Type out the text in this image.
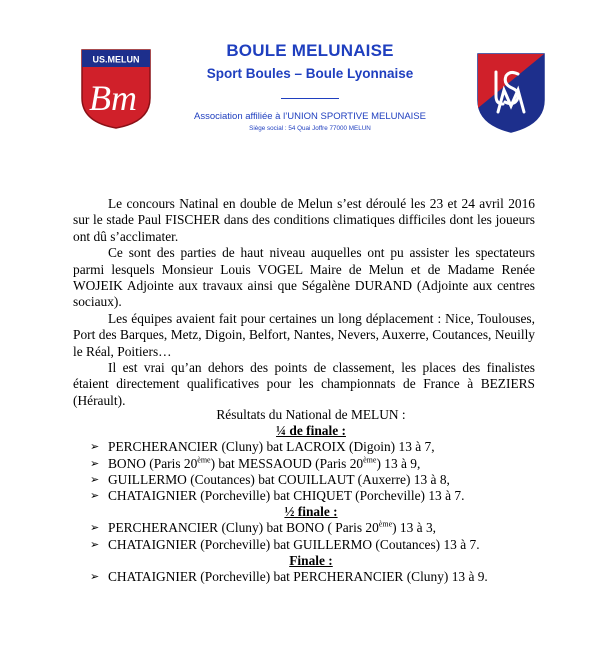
US.MELUN
Bm
BOULE MELUNAISE
Sport Boules – Boule Lyonnaise
Association affiliée à l’UNION SPORTIVE MELUNAISE
Siège social : 54 Quai Joffre 77000 MELUN

Le concours Natinal en double de Melun s’est déroulé les 23 et 24 avril 2016 sur le stade Paul FISCHER dans des conditions climatiques difficiles dont les joueurs ont dû s’acclimater.

Ce sont des parties de haut niveau auquelles ont pu assister les spectateurs parmi lesquels Monsieur Louis VOGEL Maire de Melun et de Madame Renée WOJEIK Adjointe aux travaux ainsi que Ségalène DURAND (Adjointe aux centres sociaux).

Les équipes avaient fait pour certaines un long déplacement : Nice, Toulouses, Port des Barques, Metz, Digoin, Belfort, Nantes, Nevers, Auxerre, Coutances, Neuilly le Réal, Poitiers…

Il est vrai qu’an dehors des points de classement, les places des finalistes étaient directement qualificatives pour les championnats de France à BEZIERS (Hérault).

Résultats du National de MELUN :
¼ de finale :
➢ PERCHERANCIER (Cluny) bat LACROIX (Digoin) 13 à 7,
➢ BONO (Paris 20ème) bat MESSAOUD (Paris 20ème) 13 à 9,
➢ GUILLERMO (Coutances) bat COUILLAUT (Auxerre) 13 à 8,
➢ CHATAIGNIER (Porcheville) bat CHIQUET (Porcheville) 13 à 7.
½ finale :
➢ PERCHERANCIER (Cluny) bat BONO ( Paris 20ème) 13 à 3,
➢ CHATAIGNIER (Porcheville) bat GUILLERMO (Coutances) 13 à 7.
Finale :
➢ CHATAIGNIER (Porcheville) bat PERCHERANCIER (Cluny) 13 à 9.
